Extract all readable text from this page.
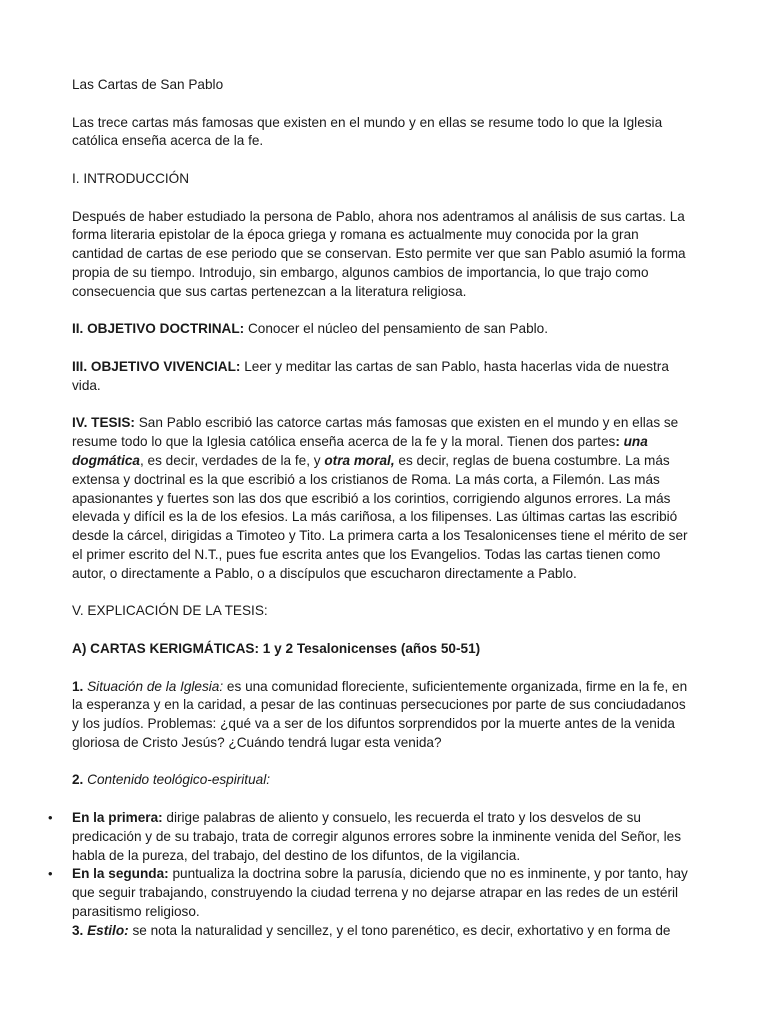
Las Cartas de San Pablo

Las trece cartas más famosas que existen en el mundo y en ellas se resume todo lo que la Iglesia católica enseña acerca de la fe.

I. INTRODUCCIÓN

Después de haber estudiado la persona de Pablo, ahora nos adentramos al análisis de sus cartas. La forma literaria epistolar de la época griega y romana es actualmente muy conocida por la gran cantidad de cartas de ese periodo que se conservan. Esto permite ver que san Pablo asumió la forma propia de su tiempo. Introdujo, sin embargo, algunos cambios de importancia, lo que trajo como consecuencia que sus cartas pertenezcan a la literatura religiosa.

II. OBJETIVO DOCTRINAL: Conocer el núcleo del pensamiento de san Pablo.

III. OBJETIVO VIVENCIAL: Leer y meditar las cartas de san Pablo, hasta hacerlas vida de nuestra vida.

IV. TESIS: San Pablo escribió las catorce cartas más famosas que existen en el mundo y en ellas se resume todo lo que la Iglesia católica enseña acerca de la fe y la moral. Tienen dos partes: una dogmática, es decir, verdades de la fe, y otra moral, es decir, reglas de buena costumbre. La más extensa y doctrinal es la que escribió a los cristianos de Roma. La más corta, a Filemón. Las más apasionantes y fuertes son las dos que escribió a los corintios, corrigiendo algunos errores. La más elevada y difícil es la de los efesios. La más cariñosa, a los filipenses. Las últimas cartas las escribió desde la cárcel, dirigidas a Timoteo y Tito. La primera carta a los Tesalonicenses tiene el mérito de ser el primer escrito del N.T., pues fue escrita antes que los Evangelios. Todas las cartas tienen como autor, o directamente a Pablo, o a discípulos que escucharon directamente a Pablo.

V. EXPLICACIÓN DE LA TESIS:

A) CARTAS KERIGMÁTICAS: 1 y 2 Tesalonicenses (años 50-51)

1. Situación de la Iglesia: es una comunidad floreciente, suficientemente organizada, firme en la fe, en la esperanza y en la caridad, a pesar de las continuas persecuciones por parte de sus conciudadanos y los judíos. Problemas: ¿qué va a ser de los difuntos sorprendidos por la muerte antes de la venida gloriosa de Cristo Jesús? ¿Cuándo tendrá lugar esta venida?

2. Contenido teológico-espiritual:

• En la primera: dirige palabras de aliento y consuelo, les recuerda el trato y los desvelos de su predicación y de su trabajo, trata de corregir algunos errores sobre la inminente venida del Señor, les habla de la pureza, del trabajo, del destino de los difuntos, de la vigilancia.
• En la segunda: puntualiza la doctrina sobre la parusía, diciendo que no es inminente, y por tanto, hay que seguir trabajando, construyendo la ciudad terrena y no dejarse atrapar en las redes de un estéril parasitismo religioso.

3. Estilo: se nota la naturalidad y sencillez, y el tono parenético, es decir, exhortativo y en forma de
